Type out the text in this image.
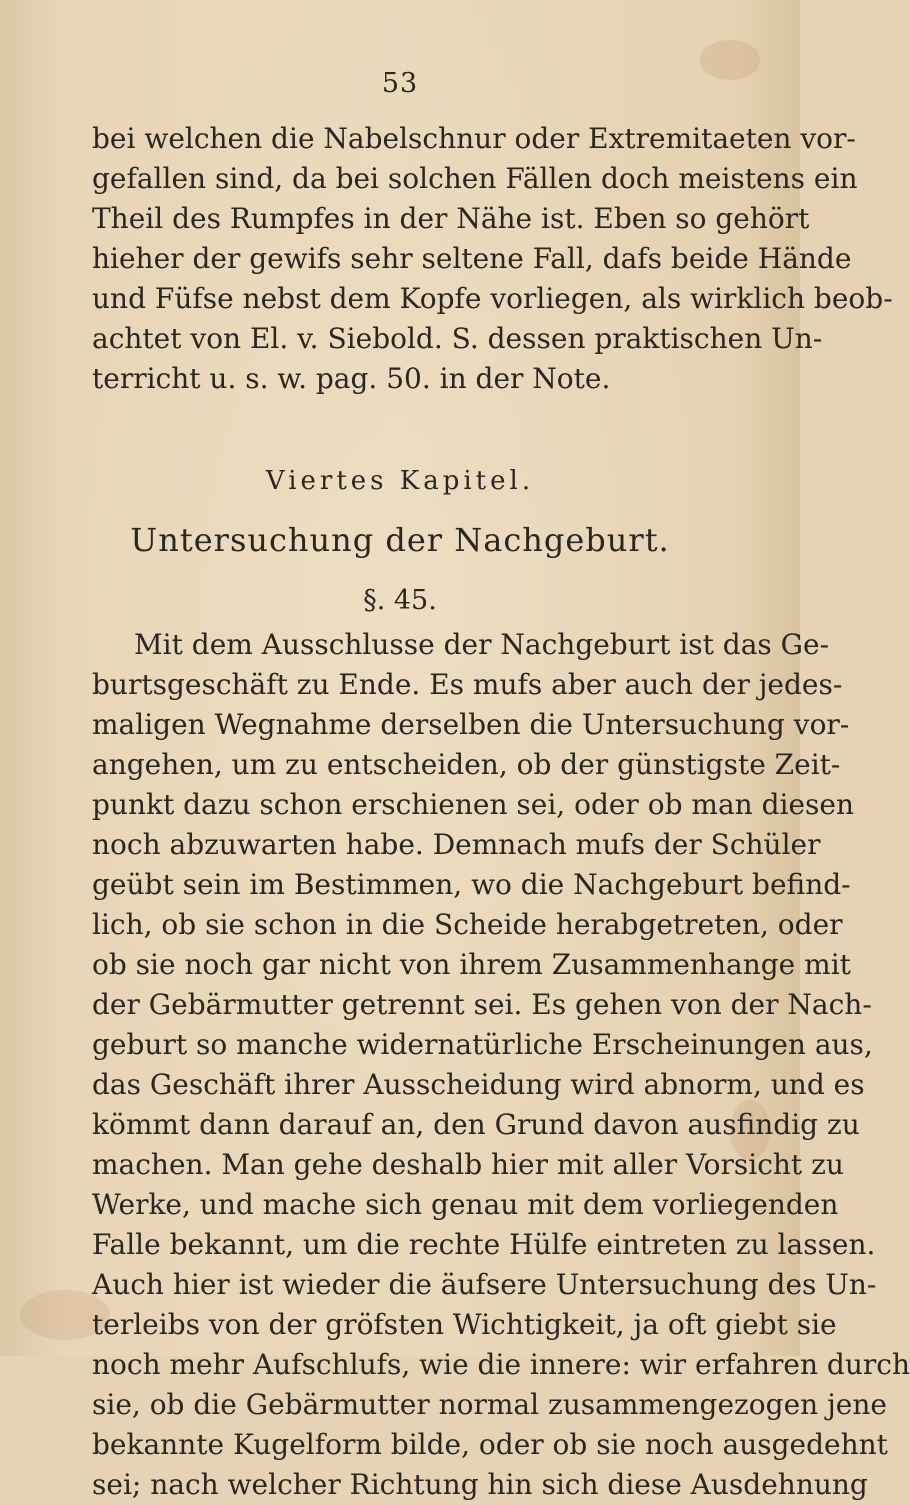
53
bei welchen die Nabelschnur oder Extremitaeten vor-
gefallen sind, da bei solchen Fällen doch meistens ein
Theil des Rumpfes in der Nähe ist. Eben so gehört
hieher der gewifs sehr seltene Fall, dafs beide Hände
und Füfse nebst dem Kopfe vorliegen, als wirklich beob-
achtet von El. v. Siebold. S. dessen praktischen Un-
terricht u. s. w. pag. 50. in der Note.
Viertes Kapitel.
Untersuchung der Nachgeburt.
§. 45.
Mit dem Ausschlusse der Nachgeburt ist das Ge-
burtsgeschäft zu Ende. Es mufs aber auch der jedes-
maligen Wegnahme derselben die Untersuchung vor-
angehen, um zu entscheiden, ob der günstigste Zeit-
punkt dazu schon erschienen sei, oder ob man diesen
noch abzuwarten habe. Demnach mufs der Schüler
geübt sein im Bestimmen, wo die Nachgeburt befind-
lich, ob sie schon in die Scheide herabgetreten, oder
ob sie noch gar nicht von ihrem Zusammenhange mit
der Gebärmutter getrennt sei. Es gehen von der Nach-
geburt so manche widernatürliche Erscheinungen aus,
das Geschäft ihrer Ausscheidung wird abnorm, und es
kömmt dann darauf an, den Grund davon ausfindig zu
machen. Man gehe deshalb hier mit aller Vorsicht zu
Werke, und mache sich genau mit dem vorliegenden
Falle bekannt, um die rechte Hülfe eintreten zu lassen.
Auch hier ist wieder die äufsere Untersuchung des Un-
terleibs von der gröfsten Wichtigkeit, ja oft giebt sie
noch mehr Aufschlufs, wie die innere: wir erfahren durch
sie, ob die Gebärmutter normal zusammengezogen jene
bekannte Kugelform bilde, oder ob sie noch ausgedehnt
sei; nach welcher Richtung hin sich diese Ausdehnung
